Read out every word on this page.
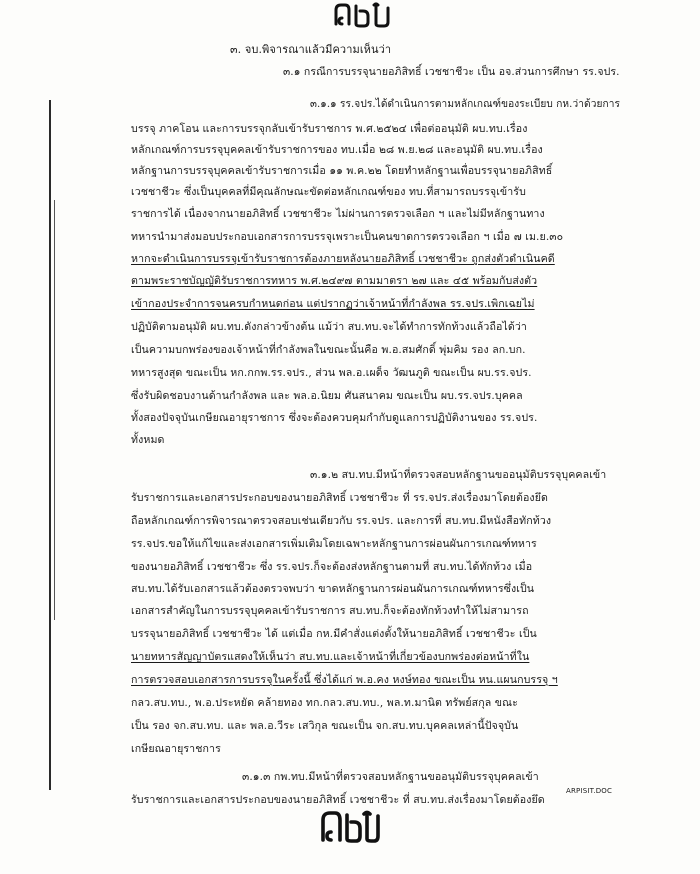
๓. จบ.พิจารณาแล้วมีความเห็นว่า
๓.๑ กรณีการบรรจุนายอภิสิทธิ์ เวชชาชีวะ เป็น อจ.ส่วนการศึกษา รร.จปร.
๓.๑.๑ รร.จปร.ได้ดำเนินการตามหลักเกณฑ์ของระเบียบ กห.ว่าด้วยการ
บรรจุ ภาคโอน และการบรรจุกลับเข้ารับราชการ พ.ศ.๒๕๒๔ เพื่อต่ออนุมัติ ผบ.ทบ.เรื่อง
หลักเกณฑ์การบรรจุบุคคลเข้ารับราชการของ ทบ.เมื่อ ๒๘ พ.ย.๒๘ และอนุมัติ ผบ.ทบ.เรื่อง
หลักฐานการบรรจุบุคคลเข้ารับราชการเมื่อ ๑๑ พ.ค.๒๒ โดยทำหลักฐานเพื่อบรรจุนายอภิสิทธิ์
เวชชาชีวะ ซึ่งเป็นบุคคลที่มีคุณลักษณะขัดต่อหลักเกณฑ์ของ ทบ.ที่สามารถบรรจุเข้ารับ
ราชการได้ เนื่องจากนายอภิสิทธิ์ เวชชาชีวะ ไม่ผ่านการตรวจเลือก ฯ และไม่มีหลักฐานทาง
ทหารนำมาส่งมอบประกอบเอกสารการบรรจุเพราะเป็นคนขาดการตรวจเลือก ฯ เมื่อ ๗ เม.ย.๓๐
หากจะดำเนินการบรรจุเข้ารับราชการต้องภายหลังนายอภิสิทธิ์ เวชชาชีวะ ถูกส่งตัวดำเนินคดี
ตามพระราชบัญญัติรับราชการทหาร พ.ศ.๒๔๙๗ ตามมาตรา ๒๗ และ ๔๕ พร้อมกับส่งตัว
เข้ากองประจำการจนครบกำหนดก่อน แต่ปรากฏว่าเจ้าหน้าที่กำลังพล รร.จปร.เพิกเฉยไม่
ปฏิบัติตามอนุมัติ ผบ.ทบ.ดังกล่าวข้างต้น แม้ว่า สบ.ทบ.จะได้ทำการทักท้วงแล้วถือได้ว่า
เป็นความบกพร่องของเจ้าหน้าที่กำลังพลในขณะนั้นคือ พ.อ.สมศักดิ์ พุ่มคิม รอง ลก.บก.
ทหารสูงสุด ขณะเป็น หก.กกพ.รร.จปร., ส่วน พล.อ.เผด็จ วัฒนภูติ ขณะเป็น ผบ.รร.จปร.
ซึ่งรับผิดชอบงานด้านกำลังพล และ พล.อ.นิยม ศันสนาคม ขณะเป็น ผบ.รร.จปร.บุคคล
ทั้งสองปัจจุบันเกษียณอายุราชการ ซึ่งจะต้องควบคุมกำกับดูแลการปฏิบัติงานของ รร.จปร.
ทั้งหมด
๓.๑.๒ สบ.ทบ.มีหน้าที่ตรวจสอบหลักฐานขออนุมัติบรรจุบุคคลเข้า
รับราชการและเอกสารประกอบของนายอภิสิทธิ์ เวชชาชีวะ ที่ รร.จปร.ส่งเรื่องมาโดยต้องยึด
ถือหลักเกณฑ์การพิจารณาตรวจสอบเช่นเดียวกับ รร.จปร. และการที่ สบ.ทบ.มีหนังสือทักท้วง
รร.จปร.ขอให้แก้ไขและส่งเอกสารเพิ่มเติมโดยเฉพาะหลักฐานการผ่อนผันการเกณฑ์ทหาร
ของนายอภิสิทธิ์ เวชชาชีวะ ซึ่ง รร.จปร.ก็จะต้องส่งหลักฐานตามที่ สบ.ทบ.ได้ทักท้วง เมื่อ
สบ.ทบ.ได้รับเอกสารแล้วต้องตรวจพบว่า ขาดหลักฐานการผ่อนผันการเกณฑ์ทหารซึ่งเป็น
เอกสารสำคัญในการบรรจุบุคคลเข้ารับราชการ สบ.ทบ.ก็จะต้องทักท้วงทำให้ไม่สามารถ
บรรจุนายอภิสิทธิ์ เวชชาชีวะ ได้ แต่เมื่อ กห.มีคำสั่งแต่งตั้งให้นายอภิสิทธิ์ เวชชาชีวะ เป็น
นายทหารสัญญาบัตรแสดงให้เห็นว่า สบ.ทบ.และเจ้าหน้าที่เกี่ยวข้องบกพร่องต่อหน้าที่ใน
การตรวจสอบเอกสารการบรรจุในครั้งนี้ ซึ่งได้แก่ พ.อ.คง หงษ์ทอง ขณะเป็น หน.แผนกบรรจุ ฯ
กลว.สบ.ทบ., พ.อ.ประหยัด คล้ายทอง ทก.กลว.สบ.ทบ., พล.ท.มานิต ทรัพย์สกุล ขณะ
เป็น รอง จก.สบ.ทบ. และ พล.อ.วีระ เสวิกุล ขณะเป็น จก.สบ.ทบ.บุคคลเหล่านี้ปัจจุบัน
เกษียณอายุราชการ
๓.๑.๓ กพ.ทบ.มีหน้าที่ตรวจสอบหลักฐานขออนุมัติบรรจุบุคคลเข้า
รับราชการและเอกสารประกอบของนายอภิสิทธิ์ เวชชาชีวะ ที่ สบ.ทบ.ส่งเรื่องมาโดยต้องยึด
ARPISIT.DOC
